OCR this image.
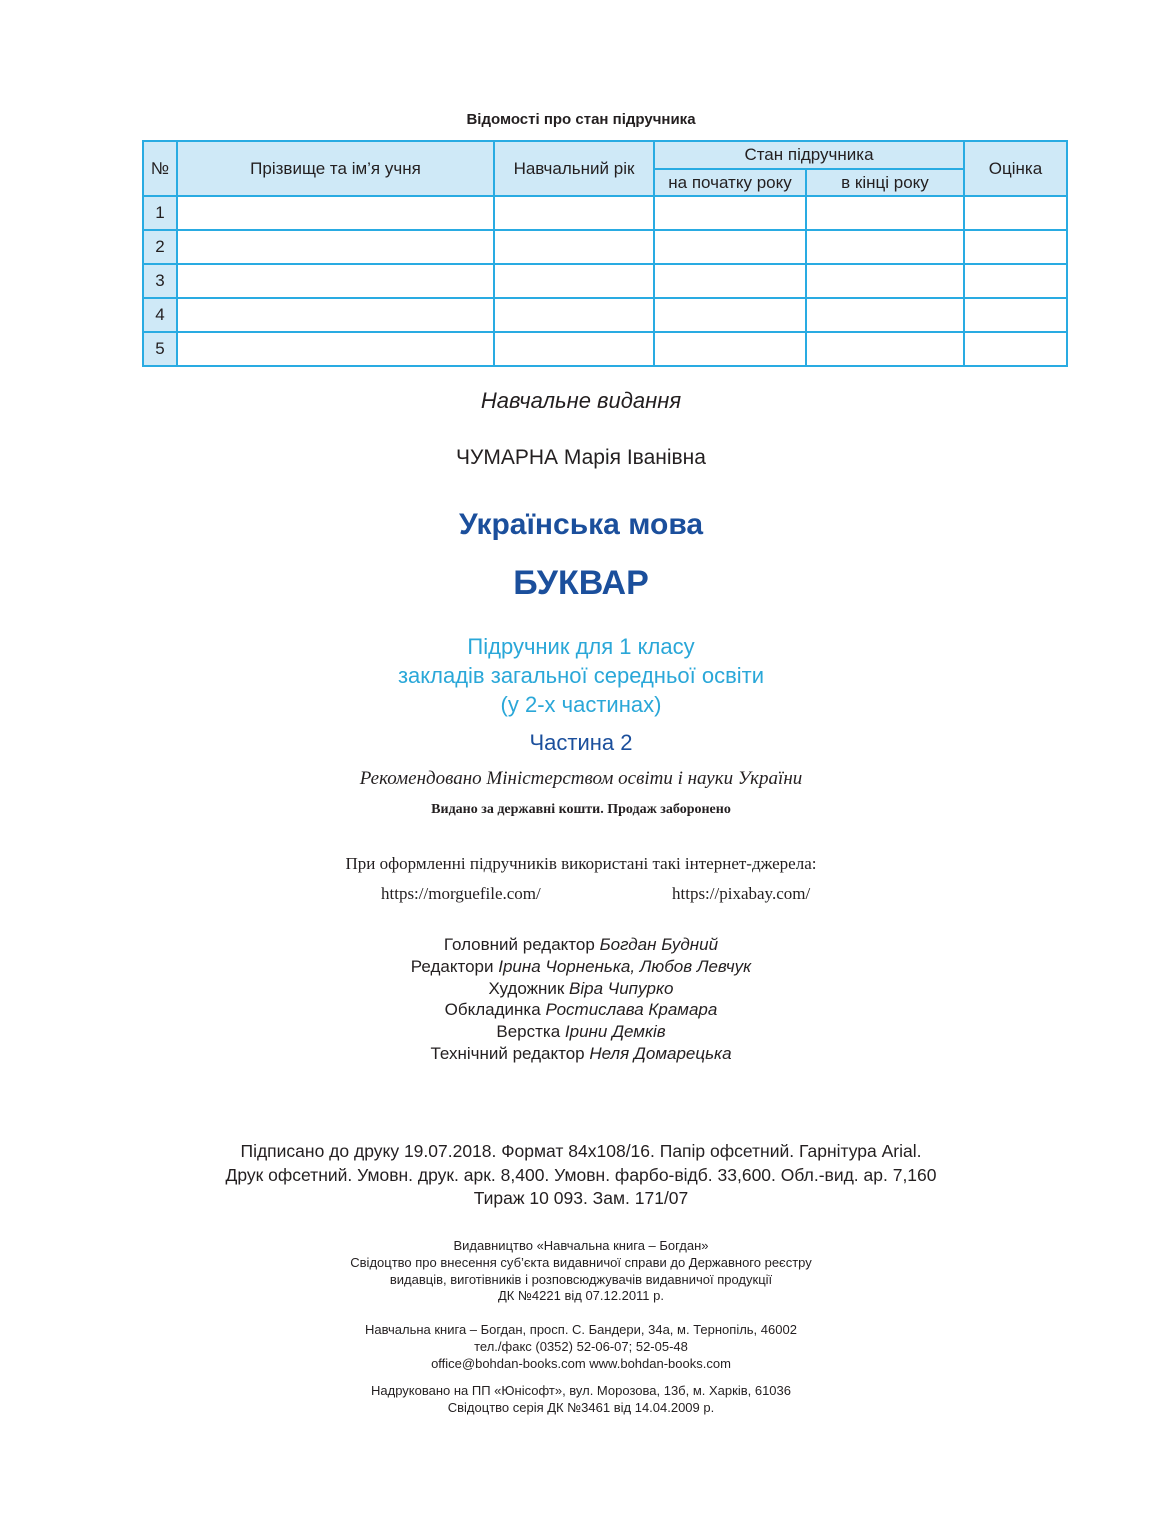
Відомості про стан підручника
№	Прізвище та ім’я учня	Навчальний рік	Стан підручника		Оцінка
			на початку року	в кінці року	
1					
2					
3					
4					
5					
Навчальне видання
ЧУМАРНА Марія Іванівна
Українська мова
БУКВАР
Підручник для 1 класу
закладів загальної середньої освіти
(у 2-х частинах)
Частина 2
Рекомендовано Міністерством освіти і науки України
Видано за державні кошти. Продаж заборонено
При оформленні підручників використані такі інтернет-джерела:
https://morguefile.com/	https://pixabay.com/
Головний редактор Богдан Будний
Редактори Ірина Чорненька, Любов Левчук
Художник Віра Чипурко
Обкладинка Ростислава Крамара
Верстка Ірини Демків
Технічний редактор Неля Домарецька
Підписано до друку 19.07.2018. Формат 84x108/16. Папір офсетний. Гарнітура Arial.
Друк офсетний. Умовн. друк. арк. 8,400. Умовн. фарбо-відб. 33,600. Обл.-вид. ар. 7,160
Тираж 10 093. Зам. 171/07
Видавництво «Навчальна книга – Богдан»
Свідоцтво про внесення суб’єкта видавничої справи до Державного реєстру
видавців, виготівників і розповсюджувачів видавничої продукції
ДК №4221 від 07.12.2011 р.
Навчальна книга – Богдан, просп. С. Бандери, 34а, м. Тернопіль, 46002
тел./факс (0352) 52-06-07; 52-05-48
office@bohdan-books.com www.bohdan-books.com
Надруковано на ПП «Юнісофт», вул. Морозова, 13б, м. Харків, 61036
Свідоцтво серія ДК №3461 від 14.04.2009 р.
